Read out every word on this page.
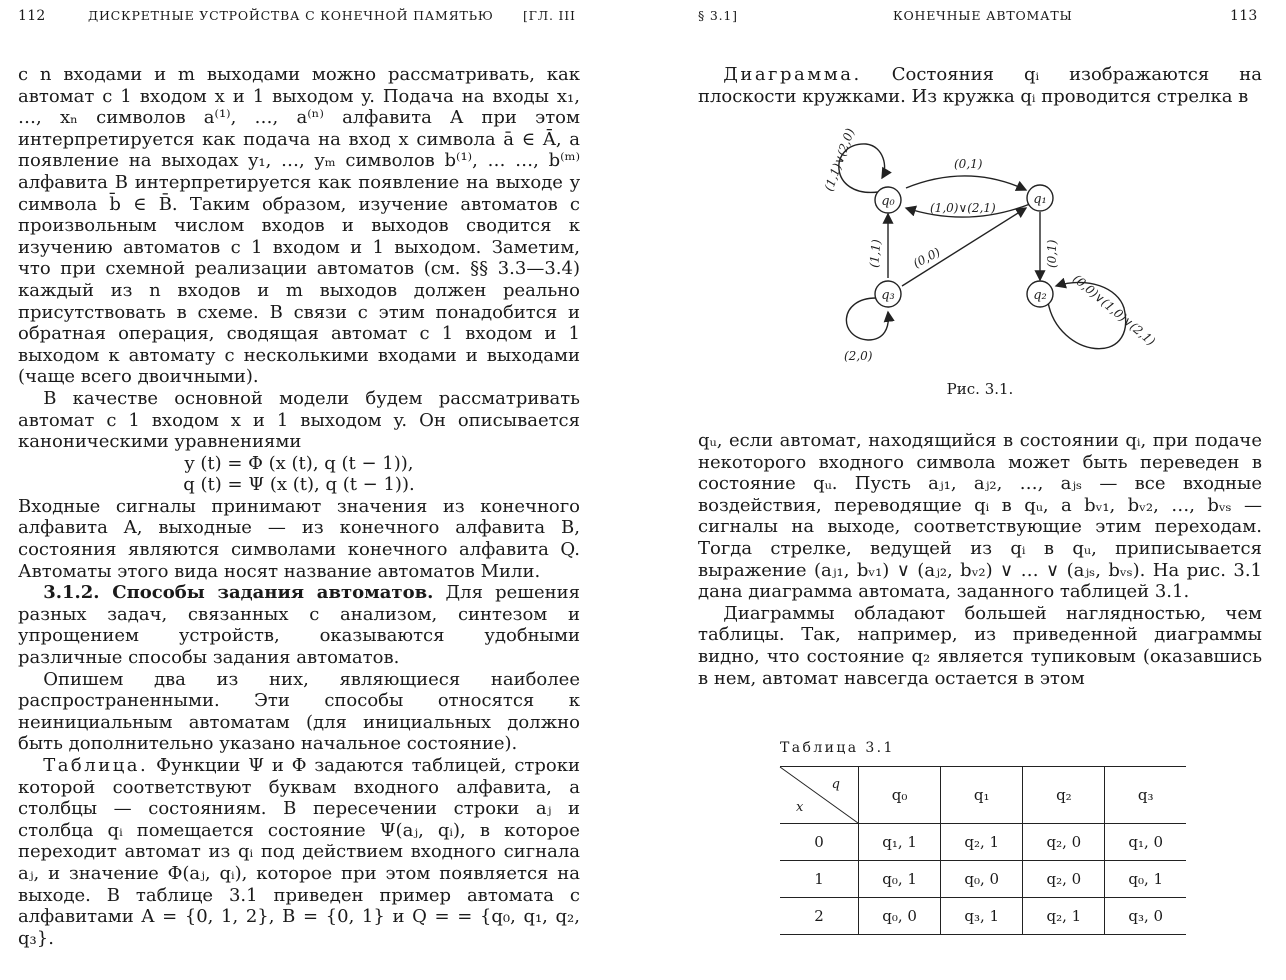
112	ДИСКРЕТНЫЕ УСТРОЙСТВА С КОНЕЧНОЙ ПАМЯТЬЮ [ГЛ. III

с n входами и m выходами можно рассматривать, как автомат с 1 входом x и 1 выходом y. Подача на входы x₁, …, xₙ символов a⁽¹⁾, …, a⁽ⁿ⁾ алфавита A при этом интерпретируется как подача на вход x символа ā ∈ Ā, а появление на выходах y₁, …, yₘ символов b⁽¹⁾, … …, b⁽ᵐ⁾ алфавита B интерпретируется как появление на выходе y символа b̄ ∈ B̄. Таким образом, изучение автоматов с произвольным числом входов и выходов сводится к изучению автоматов с 1 входом и 1 выходом. Заметим, что при схемной реализации автоматов (см. §§ 3.3—3.4) каждый из n входов и m выходов должен реально присутствовать в схеме. В связи с этим понадобится и обратная операция, сводящая автомат с 1 входом и 1 выходом к автомату с несколькими входами и выходами (чаще всего двоичными).

В качестве основной модели будем рассматривать автомат с 1 входом x и 1 выходом y. Он описывается каноническими уравнениями

y (t) = Φ (x (t), q (t − 1)),

q (t) = Ψ (x (t), q (t − 1)).

Входные сигналы принимают значения из конечного алфавита A, выходные — из конечного алфавита B, состояния являются символами конечного алфавита Q. Автоматы этого вида носят название автоматов Мили.

3.1.2. Способы задания автоматов. Для решения разных задач, связанных с анализом, синтезом и упрощением устройств, оказываются удобными различные способы задания автоматов.

Опишем два из них, являющиеся наиболее распространенными. Эти способы относятся к неинициальным автоматам (для инициальных должно быть дополнительно указано начальное состояние).

Таблица. Функции Ψ и Φ задаются таблицей, строки которой соответствуют буквам входного алфавита, а столбцы — состояниям. В пересечении строки aⱼ и столбца qᵢ помещается состояние Ψ(aⱼ, qᵢ), в которое переходит автомат из qᵢ под действием входного сигнала aⱼ, и значение Φ(aⱼ, qᵢ), которое при этом появляется на выходе. В таблице 3.1 приведен пример автомата с алфавитами A = {0, 1, 2}, B = {0, 1} и Q = = {q₀, q₁, q₂, q₃}.

§ 3.1]	КОНЕЧНЫЕ АВТОМАТЫ	113

Диаграмма. Состояния qᵢ изображаются на плоскости кружками. Из кружка qᵢ проводится стрелка в

q₀	q₁
q₂
q₃
(1,1)∨(2,0)	(0,1)
(1,0)∨(2,1)
(0,1)
(1,1) (0,0)
(2,0)
(0,0)∨(1,0)∨(2,1)
Рис. 3.1.

qᵤ, если автомат, находящийся в состоянии qᵢ, при подаче некоторого входного символа может быть переведен в состояние qᵤ. Пусть aⱼ₁, aⱼ₂, …, aⱼₛ — все входные воздействия, переводящие qᵢ в qᵤ, а bᵥ₁, bᵥ₂, …, bᵥₛ — сигналы на выходе, соответствующие этим переходам. Тогда стрелке, ведущей из qᵢ в qᵤ, приписывается выражение (aⱼ₁, bᵥ₁) ∨ (aⱼ₂, bᵥ₂) ∨ … ∨ (aⱼₛ, bᵥₛ). На рис. 3.1 дана диаграмма автомата, заданного таблицей 3.1.

Диаграммы обладают большей наглядностью, чем таблицы. Так, например, из приведенной диаграммы видно, что состояние q₂ является тупиковым (оказавшись в нем, автомат навсегда остается в этом

Таблица 3.1
q
x	q₀	q₁	q₂	q₃
0	q₁, 1	q₂, 1	q₂, 0	q₁, 0
1	q₀, 1	q₀, 0	q₂, 0	q₀, 1
2	q₀, 0	q₃, 1	q₂, 1	q₃, 0
